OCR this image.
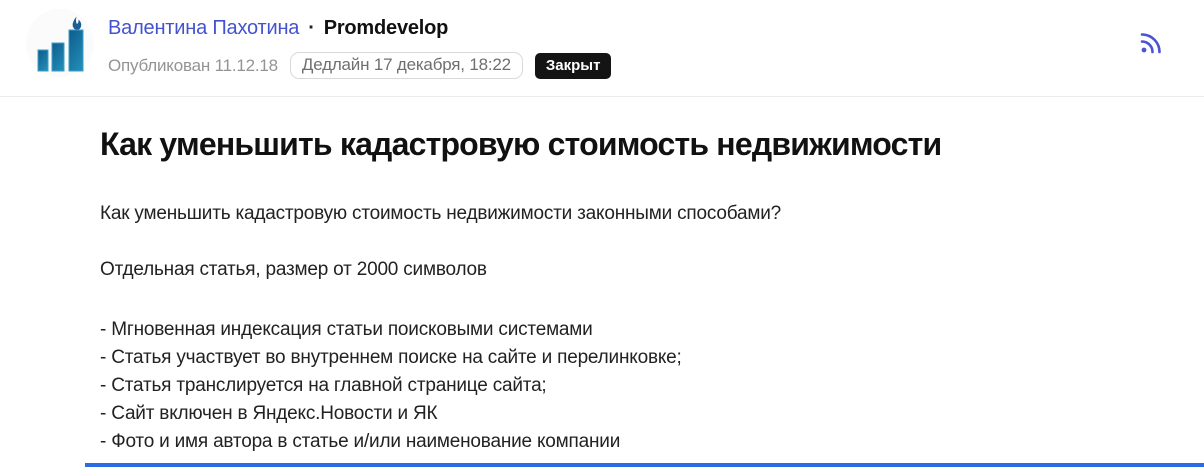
Валентина Пахотина · Promdevelop
Опубликован 11.12.18	Дедлайн 17 декабря, 18:22	Закрыт
Как уменьшить кадастровую стоимость недвижимости

Как уменьшить кадастровую стоимость недвижимости законными способами?

Отдельная статья, размер от 2000 символов

- Мгновенная индексация статьи поисковыми системами
- Статья участвует во внутреннем поиске на сайте и перелинковке;
- Статья транслируется на главной странице сайта;
- Сайт включен в Яндекс.Новости и ЯК
- Фото и имя автора в статье и/или наименование компании
